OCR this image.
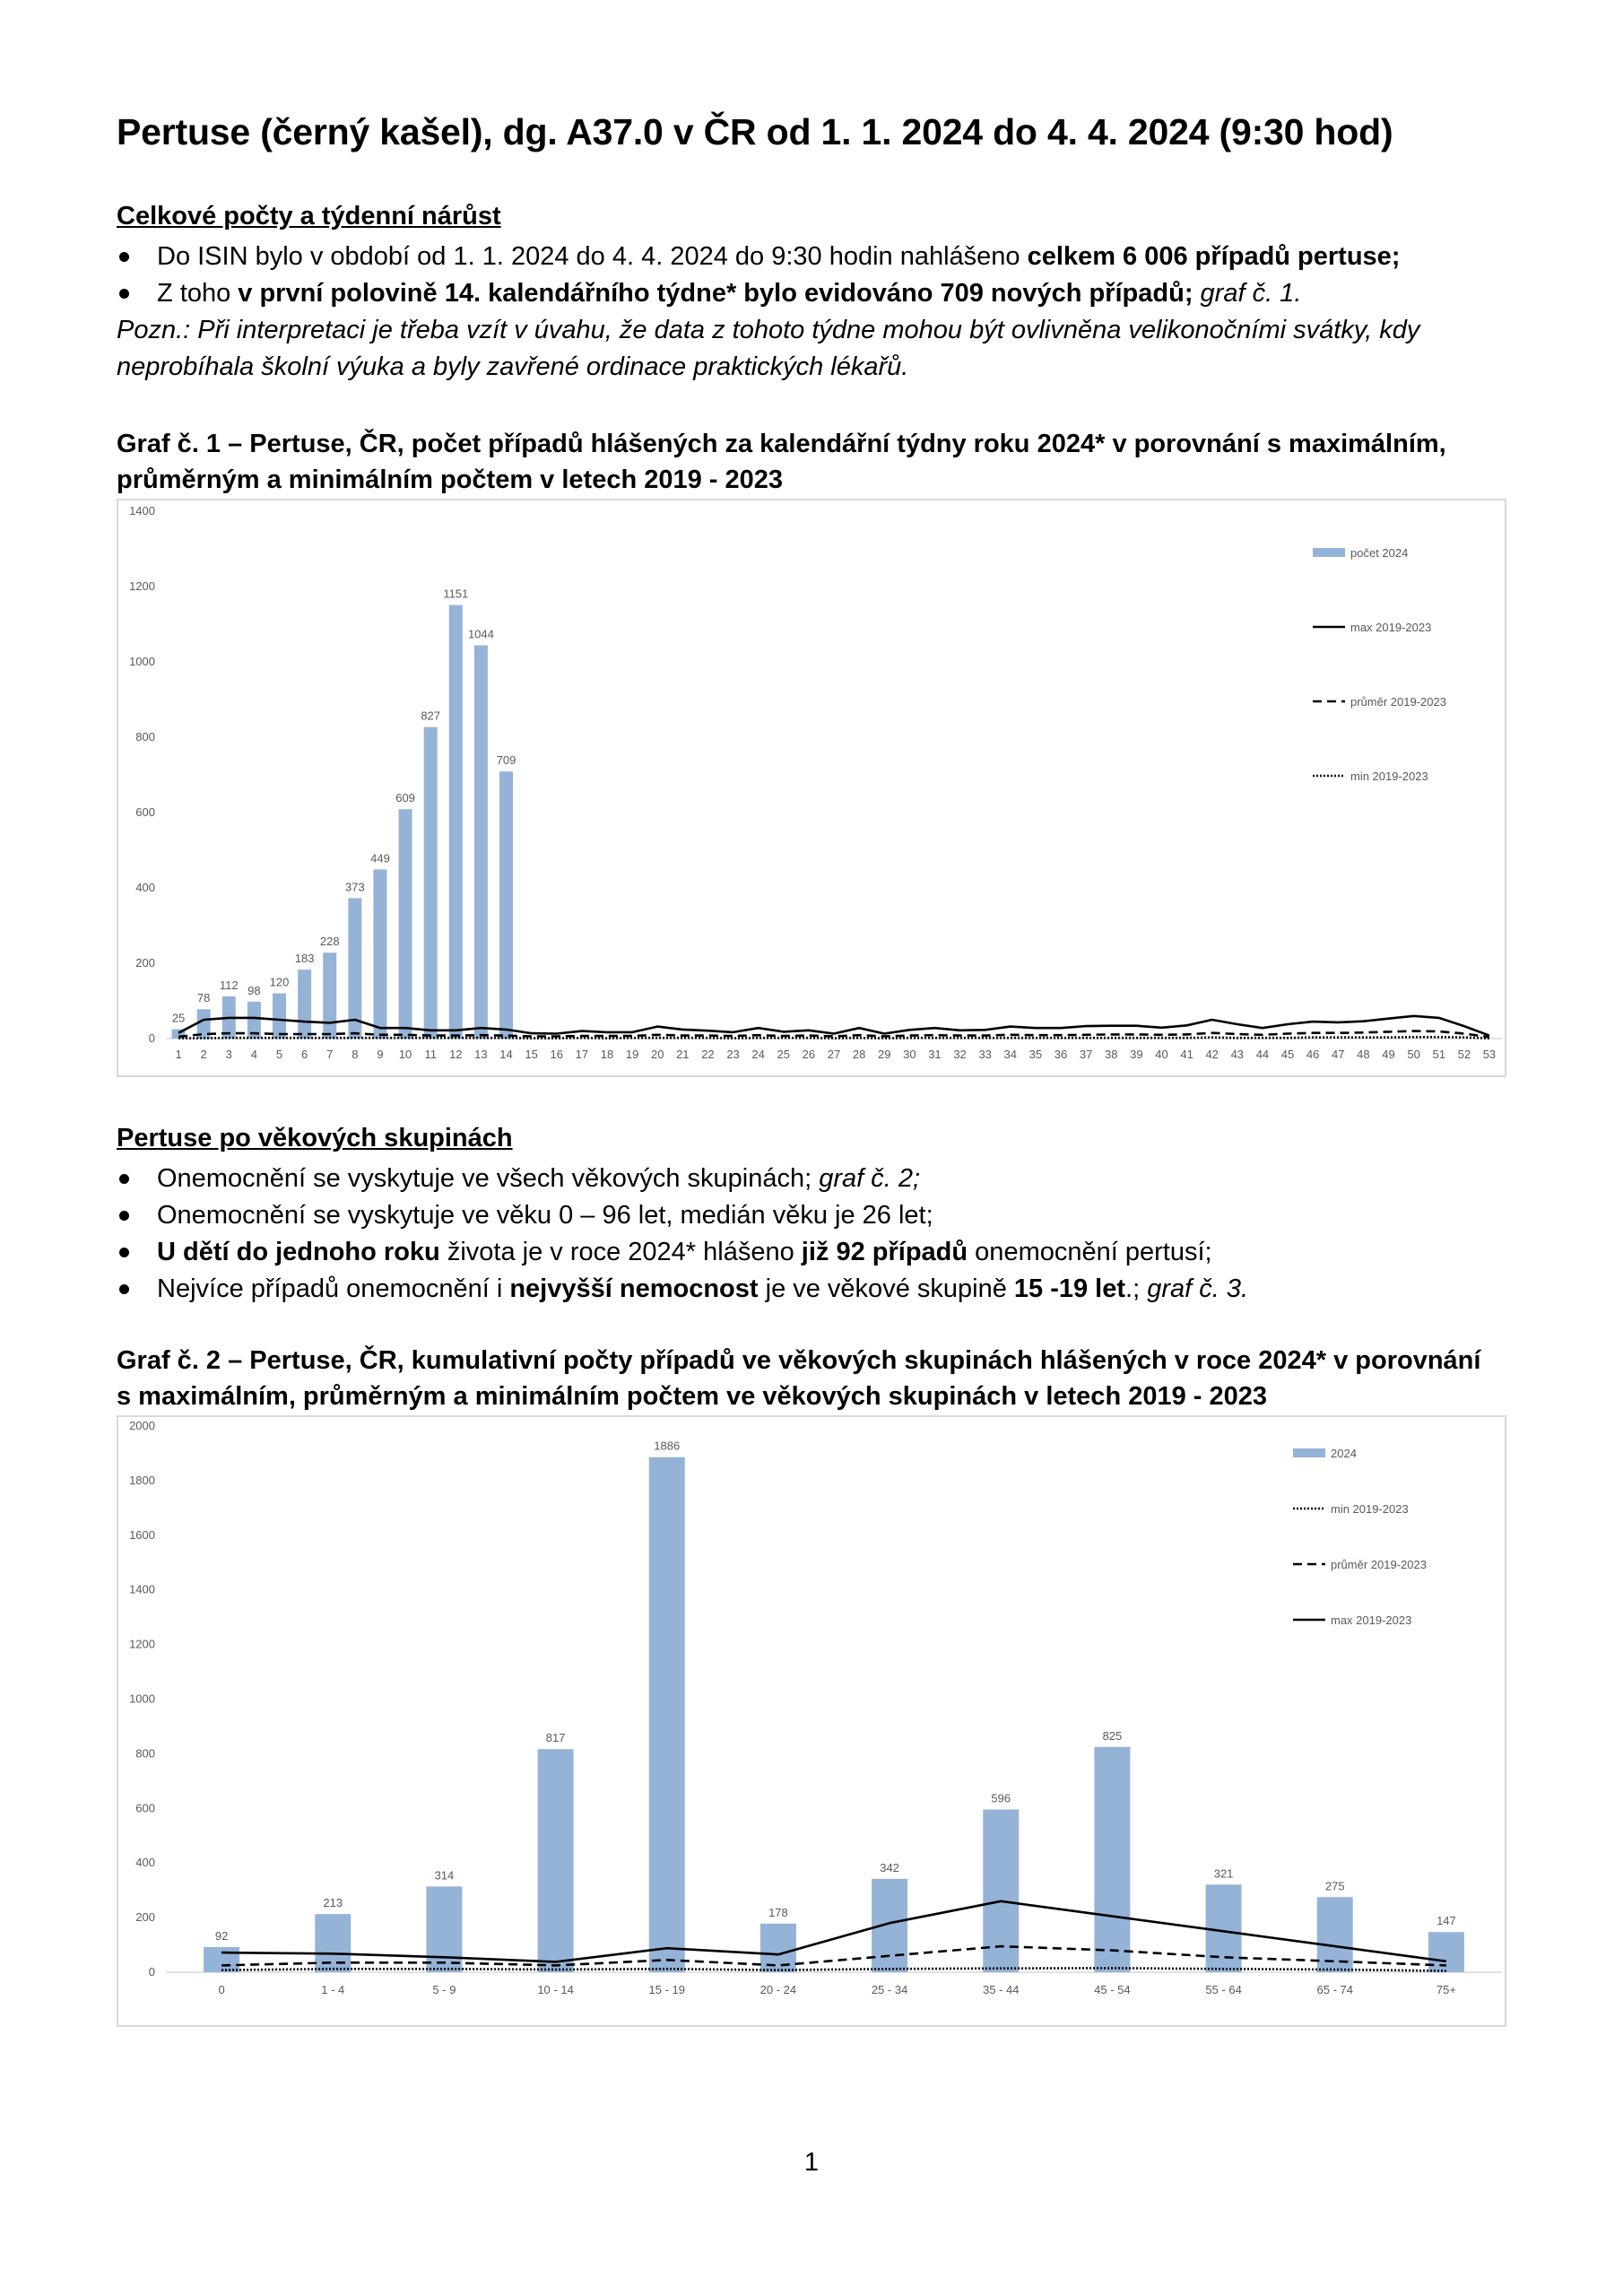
Pertuse (černý kašel), dg. A37.0 v ČR od 1. 1. 2024 do 4. 4. 2024 (9:30 hod)
Celkové počty a týdenní nárůst
Do ISIN bylo v období od 1. 1. 2024 do 4. 4. 2024 do 9:30 hodin nahlášeno celkem 6 006 případů pertuse;
Z toho v první polovině 14. kalendářního týdne* bylo evidováno 709 nových případů; graf č. 1.

Pozn.: Při interpretaci je třeba vzít v úvahu, že data z tohoto týdne mohou být ovlivněna velikonočními svátky, kdy

neprobíhala školní výuka a byly zavřené ordinace praktických lékařů.

Graf č. 1 – Pertuse, ČR, počet případů hlášených za kalendářní týdny roku 2024* v porovnání s maximálním,

průměrným a minimálním počtem v letech 2019 - 2023

0
200
400
600
800
1000
1200
1400
25
78
112 98
120
183
228
373
449
609
827
1151
1044
709
1 2 3 4 5 6 7 8 9 10 11 12 13 14 15 16 17 18 19 20 21 22 23 24 25 26 27 28 29 30 31 32 33 34 35 36 37 38 39 40 41 42 43 44 45 46 47 48 49 50 51 52 53
počet 2024
max 2019-2023
průměr 2019-2023
min 2019-2023
Pertuse po věkových skupinách
Onemocnění se vyskytuje ve všech věkových skupinách; graf č. 2;
Onemocnění se vyskytuje ve věku 0 – 96 let, medián věku je 26 let;
U dětí do jednoho roku života je v roce 2024* hlášeno již 92 případů onemocnění pertusí;
Nejvíce případů onemocnění i nejvyšší nemocnost je ve věkové skupině 15 -19 let.; graf č. 3.

Graf č. 2 – Pertuse, ČR, kumulativní počty případů ve věkových skupinách hlášených v roce 2024* v porovnání

s maximálním, průměrným a minimálním počtem ve věkových skupinách v letech 2019 - 2023

0
200
400
600
800
1000
1200
1400
1600
1800
2000
92
213
314
817
1886
178
342
596
825
321
275
147
0	1 - 4	5 - 9	10 - 14	15 - 19	20 - 24	25 - 34	35 - 44	45 - 54	55 - 64	65 - 74	75+
2024
min 2019-2023
průměr 2019-2023
max 2019-2023
1
